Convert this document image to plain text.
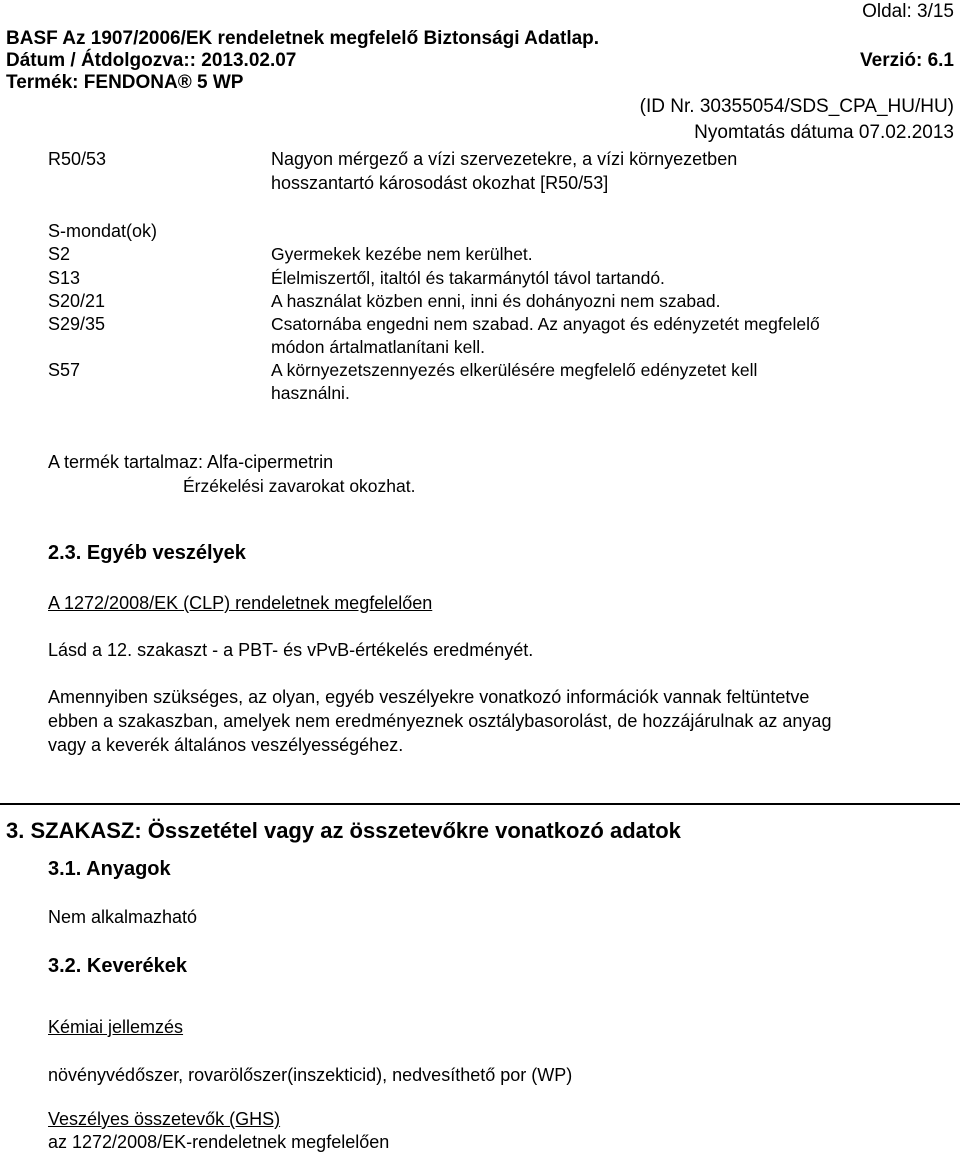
Oldal: 3/15
BASF Az 1907/2006/EK rendeletnek megfelelő Biztonsági Adatlap.
Dátum / Átdolgozva:: 2013.02.07	Verzió: 6.1
Termék: FENDONA® 5 WP
(ID Nr. 30355054/SDS_CPA_HU/HU)
Nyomtatás dátuma 07.02.2013
R50/53	Nagyon mérgező a vízi szervezetekre, a vízi környezetben
hosszantartó károsodást okozhat [R50/53]
S-mondat(ok)
S2	Gyermekek kezébe nem kerülhet.
S13	Élelmiszertől, italtól és takarmánytól távol tartandó.
S20/21	A használat közben enni, inni és dohányozni nem szabad.
S29/35	Csatornába engedni nem szabad. Az anyagot és edényzetét megfelelő
módon ártalmatlanítani kell.
S57	A környezetszennyezés elkerülésére megfelelő edényzetet kell
használni.
A termék tartalmaz: Alfa-cipermetrin
Érzékelési zavarokat okozhat.
2.3. Egyéb veszélyek
A 1272/2008/EK (CLP) rendeletnek megfelelően
Lásd a 12. szakaszt - a PBT- és vPvB-értékelés eredményét.
Amennyiben szükséges, az olyan, egyéb veszélyekre vonatkozó információk vannak feltüntetve
ebben a szakaszban, amelyek nem eredményeznek osztálybasorolást, de hozzájárulnak az anyag
vagy a keverék általános veszélyességéhez.
3. SZAKASZ: Összetétel vagy az összetevőkre vonatkozó adatok
3.1. Anyagok
Nem alkalmazható
3.2. Keverékek
Kémiai jellemzés
növényvédőszer, rovarölőszer(inszekticid), nedvesíthető por (WP)
Veszélyes összetevők (GHS)
az 1272/2008/EK-rendeletnek megfelelően
